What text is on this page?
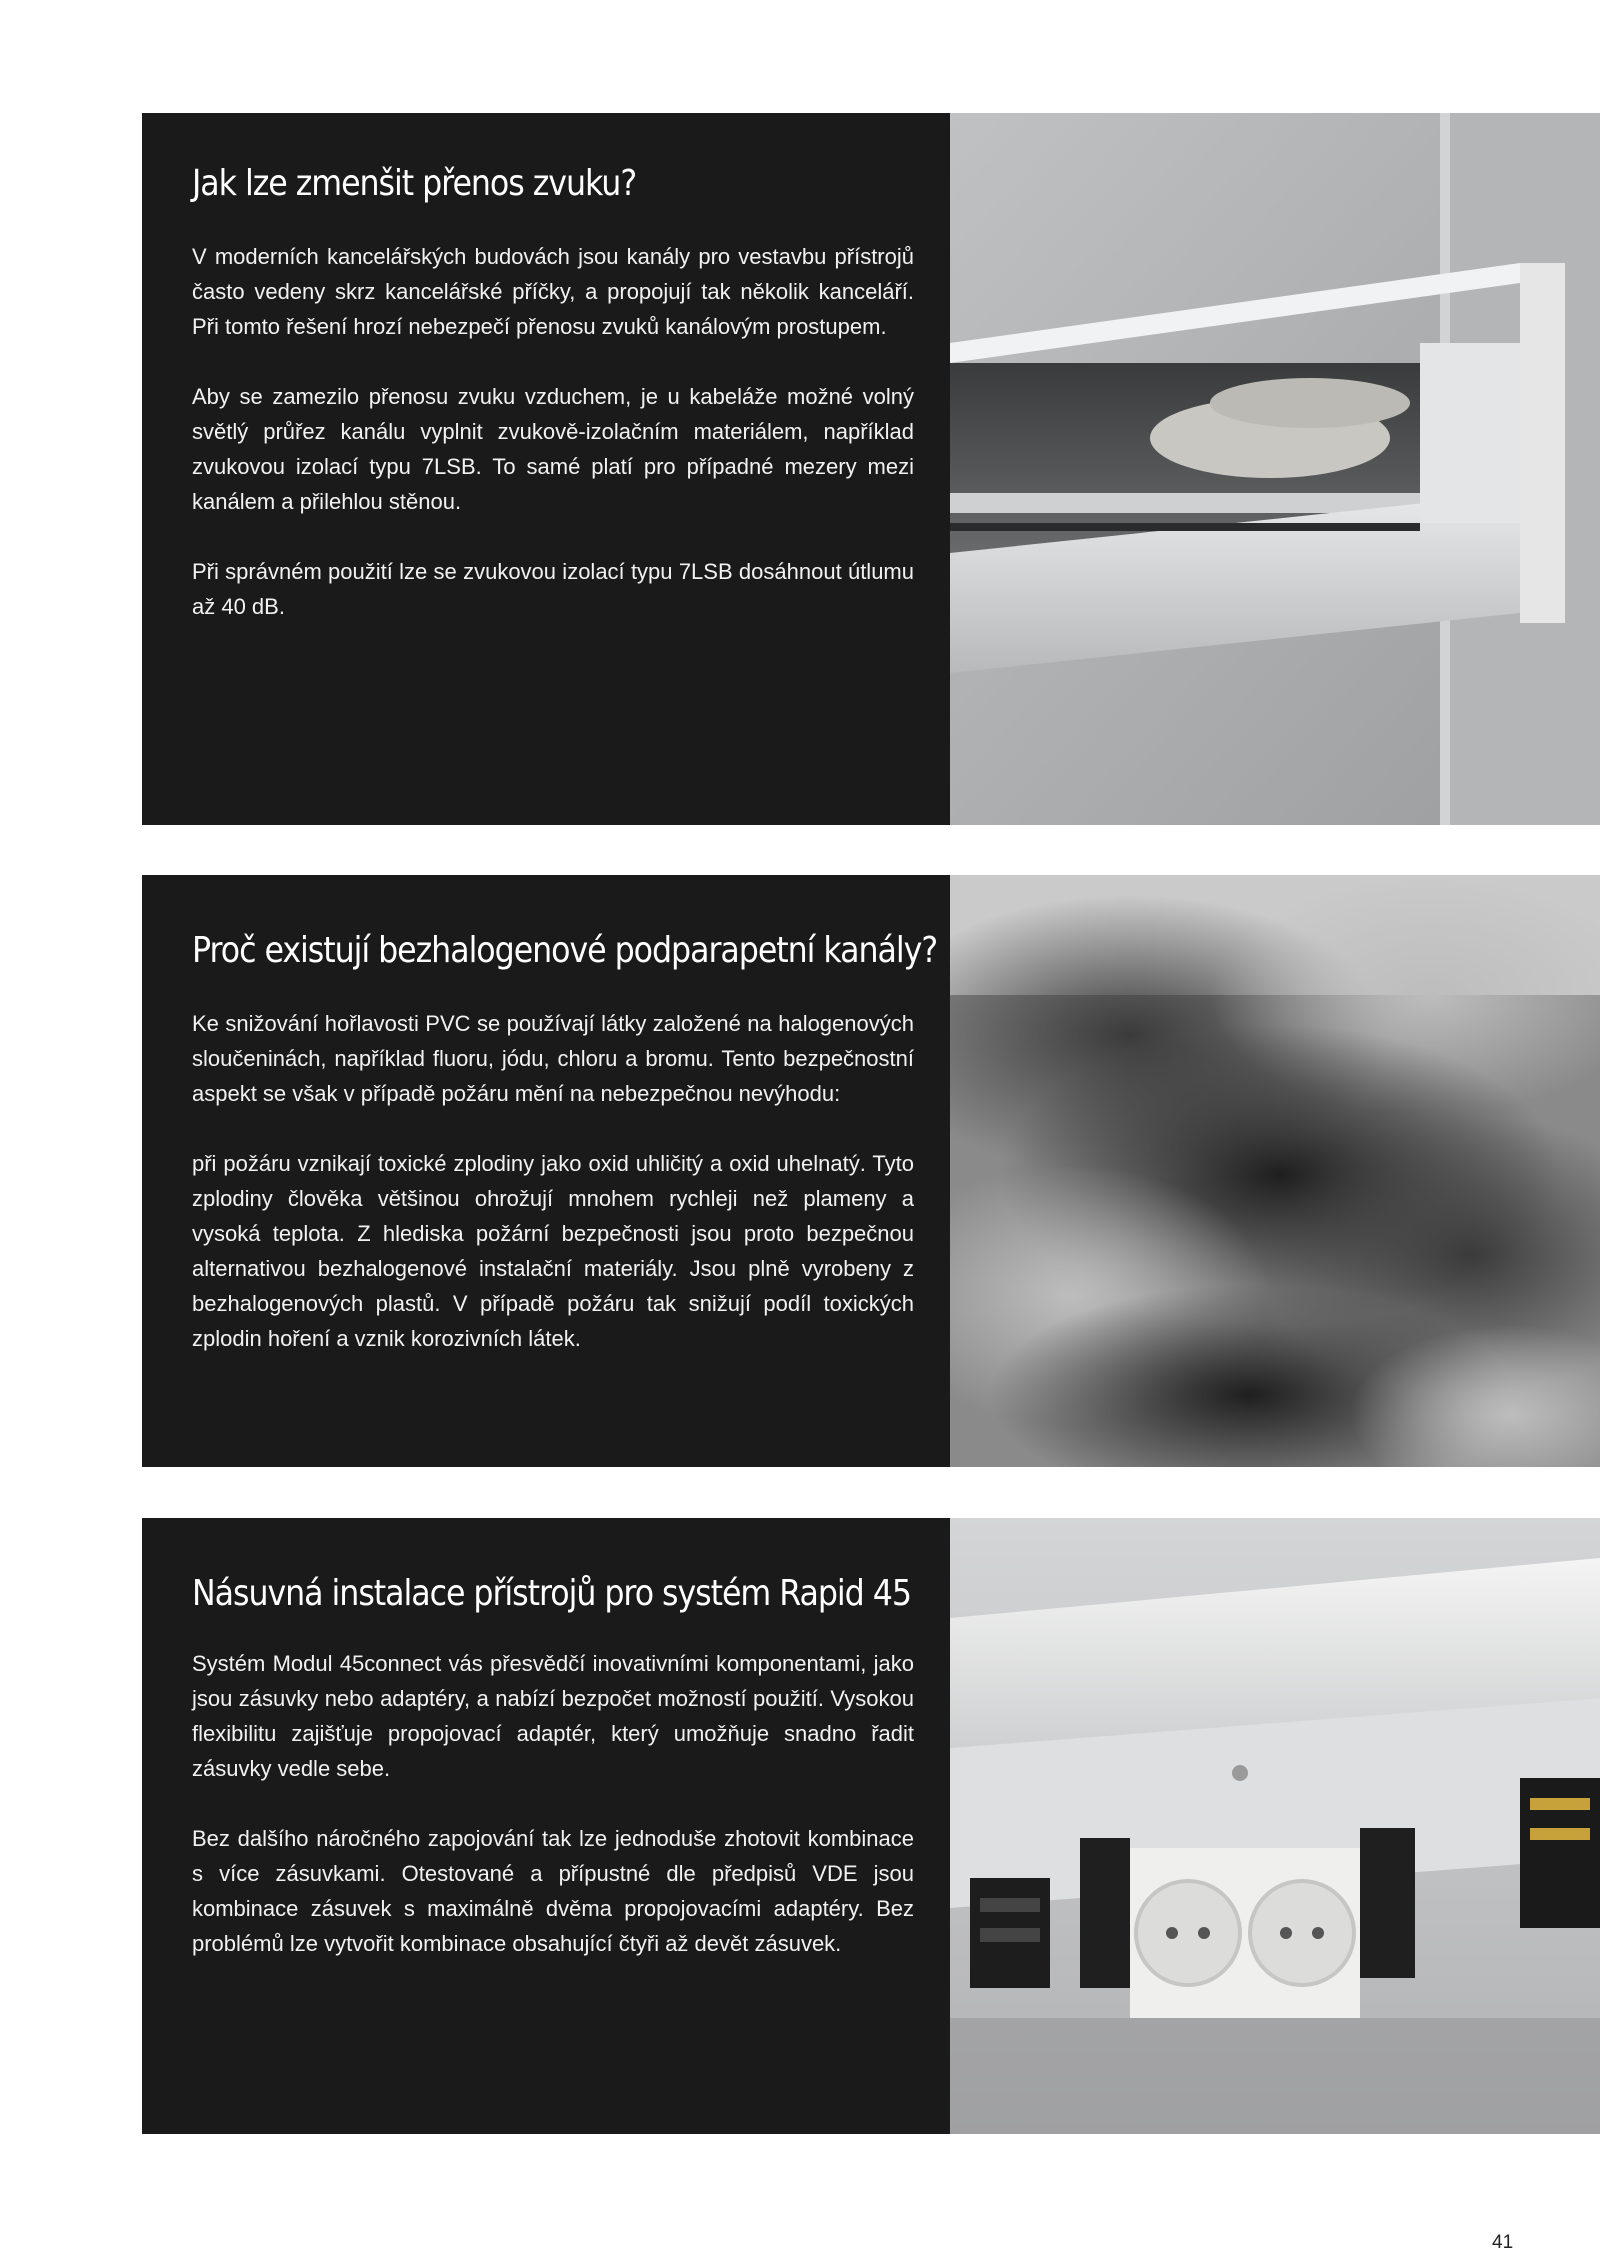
Jak lze zmenšit přenos zvuku?

V moderních kancelářských budovách jsou kanály pro vestavbu přístrojů často vedeny skrz kancelářské příčky, a propojují tak několik kanceláří. Při tomto řešení hrozí nebezpečí přenosu zvuků kanálovým prostupem.

Aby se zamezilo přenosu zvuku vzduchem, je u kabeláže možné volný světlý průřez kanálu vyplnit zvukově-izolačním materiálem, například zvukovou izolací typu 7LSB. To samé platí pro případné mezery mezi kanálem a přilehlou stěnou.

Při správném použití lze se zvukovou izolací typu 7LSB dosáhnout útlumu až 40 dB.

Proč existují bezhalogenové podparapetní kanály?

Ke snižování hořlavosti PVC se používají látky založené na halogenových sloučeninách, například fluoru, jódu, chloru a bromu. Tento bezpečnostní aspekt se však v případě požáru mění na nebezpečnou nevýhodu:

při požáru vznikají toxické zplodiny jako oxid uhličitý a oxid uhelnatý. Tyto zplodiny člověka většinou ohrožují mnohem rychleji než plameny a vysoká teplota. Z hlediska požární bezpečnosti jsou proto bezpečnou alternativou bezhalogenové instalační materiály. Jsou plně vyrobeny z bezhalogenových plastů. V případě požáru tak snižují podíl toxických zplodin hoření a vznik korozivních látek.

Násuvná instalace přístrojů pro systém Rapid 45

Systém Modul 45connect vás přesvědčí inovativními komponentami, jako jsou zásuvky nebo adaptéry, a nabízí bezpočet možností použití. Vysokou flexibilitu zajišťuje propojovací adaptér, který umožňuje snadno řadit zásuvky vedle sebe.

Bez dalšího náročného zapojování tak lze jednoduše zhotovit kombinace s více zásuvkami. Otestované a přípustné dle předpisů VDE jsou kombinace zásuvek s maximálně dvěma propojovacími adaptéry. Bez problémů lze vytvořit kombinace obsahující čtyři až devět zásuvek.

41
